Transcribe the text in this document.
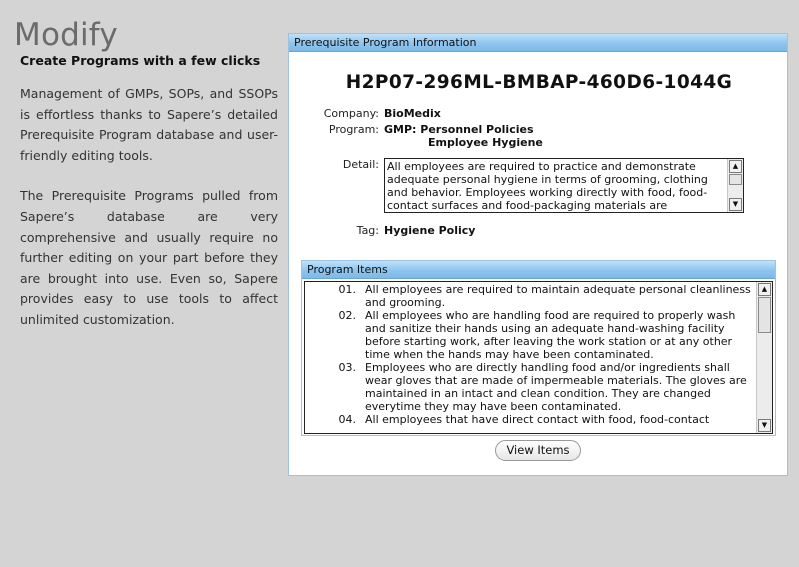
Modify
Create Programs with a few clicks

Management of GMPs, SOPs, and SSOPs is effortless thanks to Sapere’s detailed Prerequisite Program database and user-friendly editing tools.

The Prerequisite Programs pulled from Sapere’s database are very comprehensive and usually require no further editing on your part before they are brought into use. Even so, Sapere provides easy to use tools to affect unlimited customization.

Prerequisite Program Information
H2P07-296ML-BMBAP-460D6-1044G
Company: BioMedix
Program: GMP: Personnel Policies
Employee Hygiene
Detail: All employees are required to practice and demonstrate adequate personal hygiene in terms of grooming, clothing and behavior. Employees working directly with food, food-contact surfaces and food-packaging materials are
▲
▼
Tag: Hygiene Policy
Program Items
01. All employees are required to maintain adequate personal cleanliness and grooming.
02. All employees who are handling food are required to properly wash and sanitize their hands using an adequate hand-washing facility before starting work, after leaving the work station or at any other time when the hands may have been contaminated.
03. Employees who are directly handling food and/or ingredients shall wear gloves that are made of impermeable materials. The gloves are maintained in an intact and clean condition. They are changed everytime they may have been contaminated.
04. All employees that have direct contact with food, food-contact
▲
▼
View Items
